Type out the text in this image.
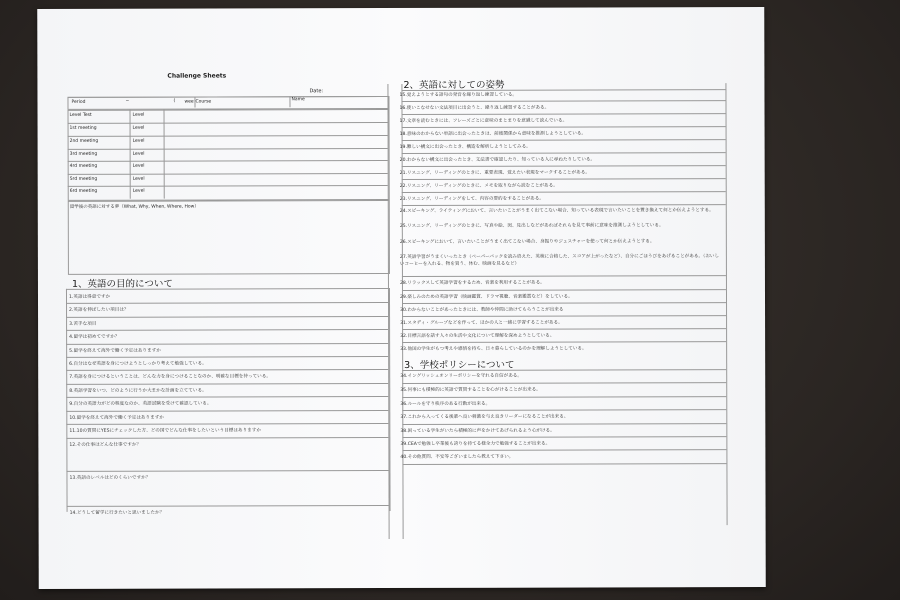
Challenge Sheets
Date:
Period	~	( wee Course	Name
Level Test	Level
1st meeting	Level
2nd meeting	Level
3rd meeting	Level
4rd meeting	Level
5rd meeting	Level
6rd meeting	Level
留学後の英語に対する夢（What, Why, When, Where, How）
1、英語の目的について
1.英語は得意ですか
2.英語を伸ばしたい項目は？
3.苦手な項目
4.留学は初めてですか？
5.留学を終えて海外で働く予定はありますか
6.自分はなぜ英語を身につけようとしっかり考えて勉強している。
7.英語を身につけるということは、どんな力を身につけることなのか、明確な目標を持っている。
8.英語学習をいつ、どのように行うか大まかな計画を立てている。
9.自分の英語力がどの程度なのか、英語試験を受けて確認している。
10.留学を終えて海外で働く予定はありますか
11.10の質問にYESにチェックした方、どの国でどんな仕事をしたいという目標はありますか
12.その仕事はどんな仕事ですか？
13.英語のレベルはどのくらいですか？
14.どうして留学に行きたいと思いましたか？
2、英語に対しての姿勢
15.覚えようとする語句の発音を繰り返し練習している。
16.使いこなせない文法項目に出会うと、繰り返し練習することがある。
17.文章を読むときには、フレーズごとに意味のまとまりを意識して読んでいる。
18.意味のわからない単語に出会ったときは、前後関係から意味を推測しようとしている。
19.難しい構文に出会ったとき、構造を解析しようとしてみる。
20.わからない構文に出会ったとき、文法書で確認したり、知っている人に尋ねたりしている。
21.リスニング、リーディングのときに、重要表現、覚えたい表現をマークすることがある。
22.リスニング、リーディングのときに、メモを取りながら読むことがある。
23.リスニング、リーディングをして、内容の要約をすることがある。
24.スピーキング、ライティングにおいて、言いたいことがうまく出てこない場合、知っている表現で言いたいことを置き換えて何とか伝えようとする。
25.リスニング、リーディングのときに、写真や絵、図、見出しなどがあればそれらを見て事前に意味を推測しようとしている。
26.スピーキングにおいて、言いたいことがうまく出てこない場合、身振りやジェスチャーを使って何とか伝えようとする。
27.英語学習がうまくいったとき（ペーパーバックを読み終えた、英検に合格した、スコアが上がったなど）、自分にごほうびをあげることがある。（おいしいコーヒーを入れる、物を買う、休む、映画を見るなど）
28.リラックスして英語学習をするため、音楽を利用することがある。
29.楽しみのための英語学習（映画鑑賞、ドラマ視聴、音楽鑑賞など）をしている。
30.わからないことがあったときには、教師や仲間に助けてもらうことが出来る
31.スタディ・グループなどを作って、ほかの人と一緒に学習することがある。
32.目標言語を話す人々の生活や文化について理解を深めようとしている。
33.他国の学生がもつ考えや感情を持ち、日々暮らしているのかを理解しようとしている。
3、学校ポリシーについて
34.イングリッシュオンリーポリシーを守れる自信がある。
35.何事にも積極的に英語で質問することを心がけることが出来る。
36.ルールを守り秩序のある行動が出来る。
37.これから入ってくる後輩へ良い刺激を与え良きリーダーになることが出来る。
38.困っている学生がいたら積極的に声をかけてあげられるよう心がける。
39.CEAで勉強し卒業後も誇りを持てる様全力で勉強することが出来る。
40.その他質問、不安等ございましたら教えて下さい。
